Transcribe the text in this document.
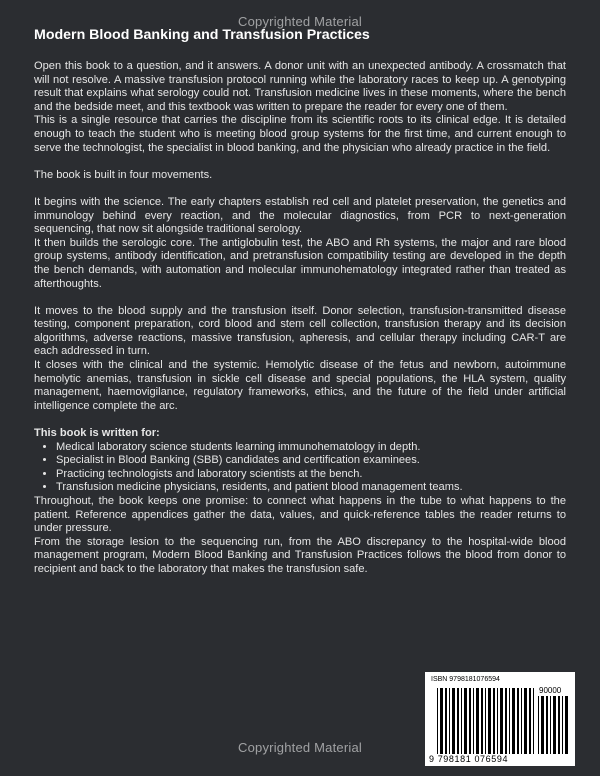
Copyrighted Material
Modern Blood Banking and Transfusion Practices

Open this book to a question, and it answers. A donor unit with an unexpected antibody. A crossmatch that will not resolve. A massive transfusion protocol running while the laboratory races to keep up. A genotyping result that explains what serology could not. Transfusion medicine lives in these moments, where the bench and the bedside meet, and this textbook was written to prepare the reader for every one of them.

This is a single resource that carries the discipline from its scientific roots to its clinical edge. It is detailed enough to teach the student who is meeting blood group systems for the first time, and current enough to serve the technologist, the specialist in blood banking, and the physician who already practice in the field.

The book is built in four movements.

It begins with the science. The early chapters establish red cell and platelet preservation, the genetics and immunology behind every reaction, and the molecular diagnostics, from PCR to next-generation sequencing, that now sit alongside traditional serology.

It then builds the serologic core. The antiglobulin test, the ABO and Rh systems, the major and rare blood group systems, antibody identification, and pretransfusion compatibility testing are developed in the depth the bench demands, with automation and molecular immunohematology integrated rather than treated as afterthoughts.

It moves to the blood supply and the transfusion itself. Donor selection, transfusion-transmitted disease testing, component preparation, cord blood and stem cell collection, transfusion therapy and its decision algorithms, adverse reactions, massive transfusion, apheresis, and cellular therapy including CAR-T are each addressed in turn.

It closes with the clinical and the systemic. Hemolytic disease of the fetus and newborn, autoimmune hemolytic anemias, transfusion in sickle cell disease and special populations, the HLA system, quality management, haemovigilance, regulatory frameworks, ethics, and the future of the field under artificial intelligence complete the arc.

This book is written for:

• Medical laboratory science students learning immunohematology in depth.
• Specialist in Blood Banking (SBB) candidates and certification examinees.
• Practicing technologists and laboratory scientists at the bench.
• Transfusion medicine physicians, residents, and patient blood management teams.

Throughout, the book keeps one promise: to connect what happens in the tube to what happens to the patient. Reference appendices gather the data, values, and quick-reference tables the reader returns to under pressure.

From the storage lesion to the sequencing run, from the ABO discrepancy to the hospital-wide blood management program, Modern Blood Banking and Transfusion Practices follows the blood from donor to recipient and back to the laboratory that makes the transfusion safe.

ISBN 9798181076594
90000
9 798181 076594
Copyrighted Material
